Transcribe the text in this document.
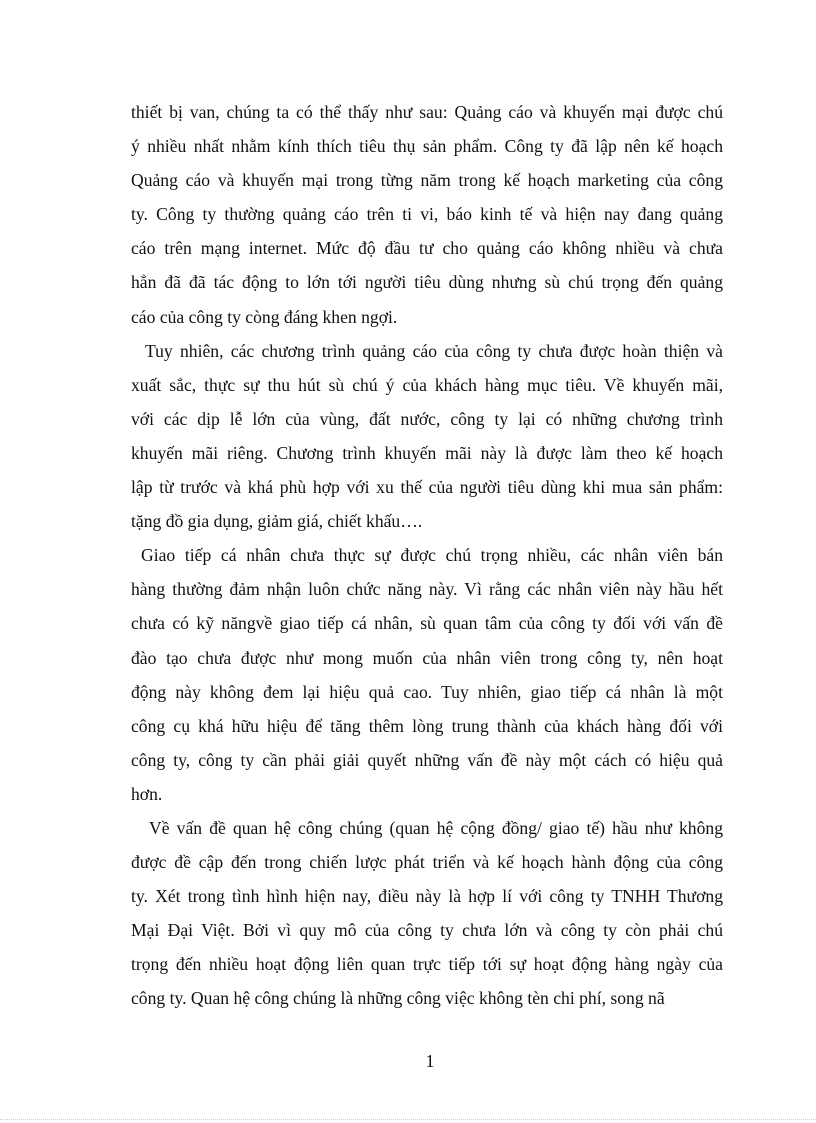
thiết bị van, chúng ta có thể thấy như sau: Quảng cáo và khuyến mại được chú
ý nhiều nhất nhằm kính thích tiêu thụ sản phẩm. Công ty đã lập nên kế hoạch
Quảng cáo và khuyến mại trong từng năm trong kế hoạch marketing của công
ty. Công ty thường quảng cáo trên ti vi, báo kinh tế và hiện nay đang quảng
cáo trên mạng internet. Mức độ đầu tư cho quảng cáo không nhiều và chưa
hẳn đã đã tác động to lớn tới người tiêu dùng nhưng sù chú trọng đến quảng
cáo của công ty còng đáng khen ngợi.
Tuy nhiên, các chương trình quảng cáo của công ty chưa được hoàn thiện và
xuất sắc, thực sự thu hút sù chú ý của khách hàng mục tiêu. Về khuyến mãi,
với các dịp lễ lớn của vùng, đất nước, công ty lại có những chương trình
khuyến mãi riêng. Chương trình khuyến mãi này là được làm theo kế hoạch
lập từ trước và khá phù hợp với xu thế của người tiêu dùng khi mua sản phẩm:
tặng đồ gia dụng, giảm giá, chiết khấu….
Giao tiếp cá nhân chưa thực sự được chú trọng nhiều, các nhân viên bán
hàng thường đảm nhận luôn chức năng này. Vì rằng các nhân viên này hầu hết
chưa có kỹ năngvề giao tiếp cá nhân, sù quan tâm của công ty đối với vấn đề
đào tạo chưa được như mong muốn của nhân viên trong công ty, nên hoạt
động này không đem lại hiệu quả cao. Tuy nhiên, giao tiếp cá nhân là một
công cụ khá hữu hiệu để tăng thêm lòng trung thành của khách hàng đối với
công ty, công ty cần phải giải quyết những vấn đề này một cách có hiệu quả
hơn.
Về vấn đề quan hệ công chúng (quan hệ cộng đồng/ giao tế) hầu như không
được đề cập đến trong chiến lược phát triển và kế hoạch hành động của công
ty. Xét trong tình hình hiện nay, điều này là hợp lí với công ty TNHH Thương
Mại Đại Việt. Bởi vì quy mô của công ty chưa lớn và công ty còn phải chú
trọng đến nhiều hoạt động liên quan trực tiếp tới sự hoạt động hàng ngày của
công ty. Quan hệ công chúng là những công việc không tèn chi phí, song nã
1
